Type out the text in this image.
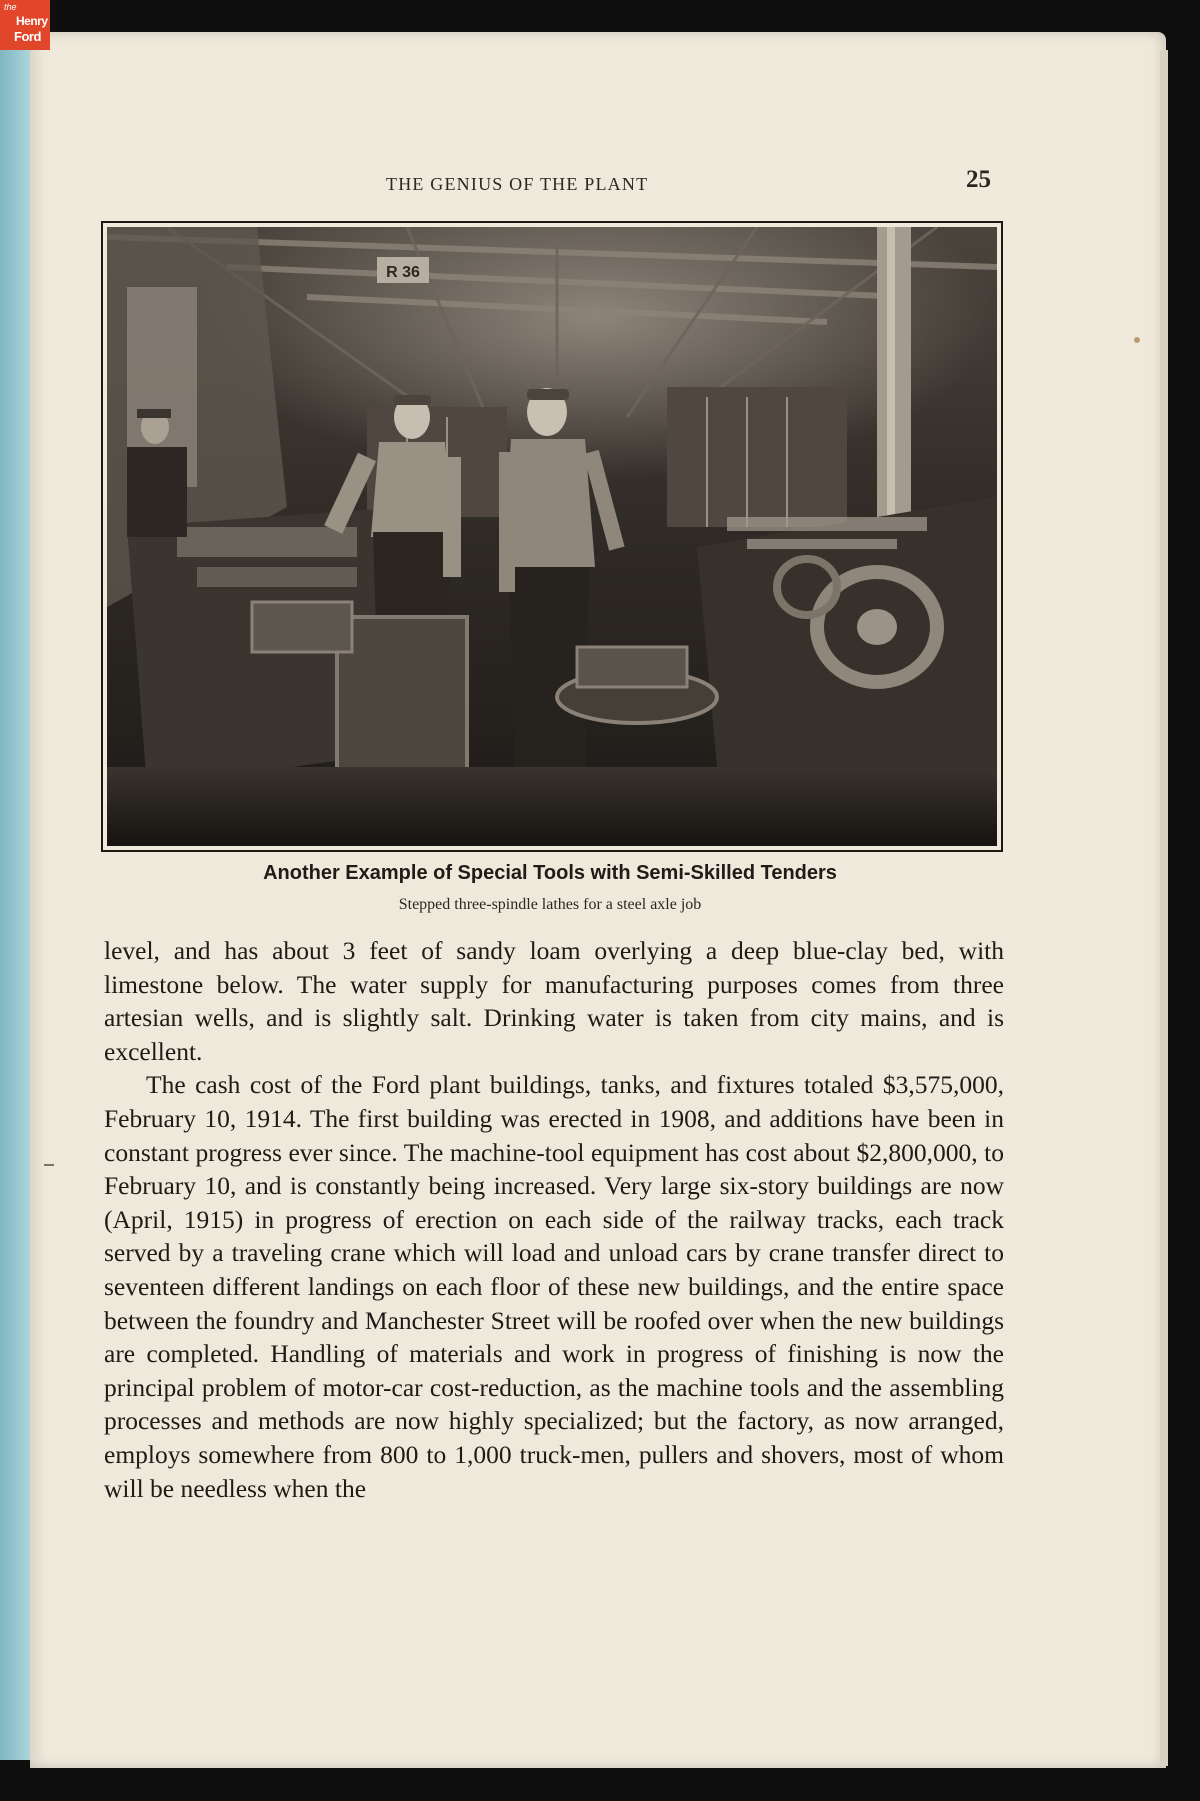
the
Henry
Ford
THE GENIUS OF THE PLANT	25
R 36
Another Example of Special Tools with Semi-Skilled Tenders
Stepped three-spindle lathes for a steel axle job

level, and has about 3 feet of sandy loam overlying a deep blue-clay bed, with limestone below. The water supply for manufacturing purposes comes from three artesian wells, and is slightly salt. Drinking water is taken from city mains, and is excellent.

The cash cost of the Ford plant buildings, tanks, and fixtures totaled $3,575,000, February 10, 1914. The first building was erected in 1908, and additions have been in constant progress ever since. The machine-tool equipment has cost about $2,800,000, to February 10, and is constantly being increased. Very large six-story buildings are now (April, 1915) in progress of erection on each side of the railway tracks, each track served by a traveling crane which will load and unload cars by crane transfer direct to seventeen different landings on each floor of these new buildings, and the entire space between the foundry and Manchester Street will be roofed over when the new buildings are completed. Handling of materials and work in progress of finishing is now the principal problem of motor-car cost-reduction, as the machine tools and the assembling processes and methods are now highly specialized; but the factory, as now arranged, employs somewhere from 800 to 1,000 truck-men, pullers and shovers, most of whom will be needless when the
